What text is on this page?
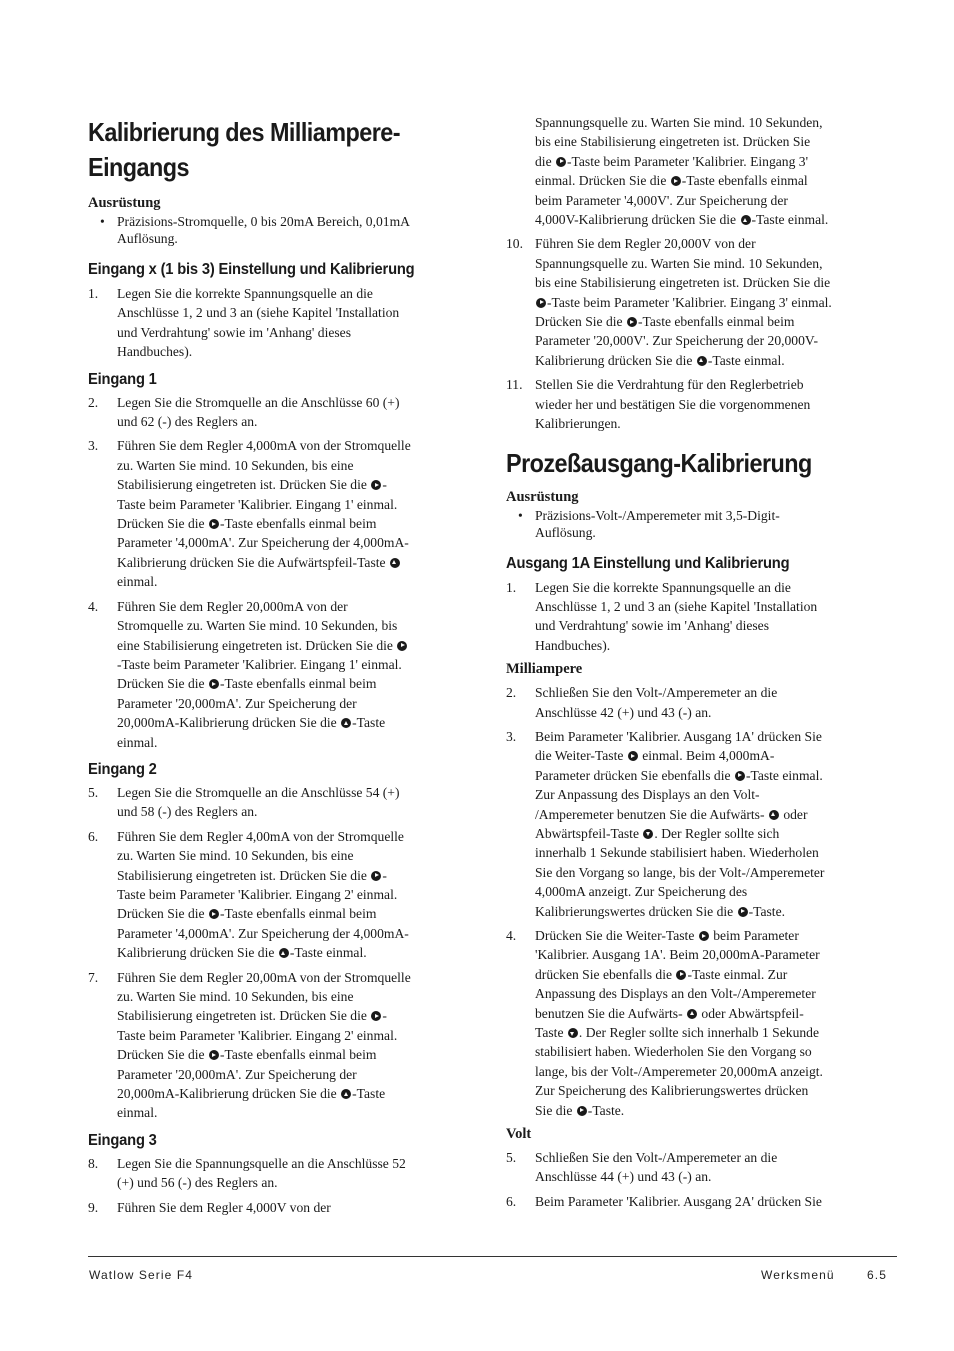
Kalibrierung des Milliampere-
Eingangs
Ausrüstung
• Präzisions-Stromquelle, 0 bis 20mA Bereich, 0,01mA
Auflösung.
Eingang x (1 bis 3) Einstellung und Kalibrierung
1. Legen Sie die korrekte Spannungsquelle an die
Anschlüsse 1, 2 und 3 an (siehe Kapitel 'Installation
und Verdrahtung' sowie im 'Anhang' dieses
Handbuches).
Eingang 1
2. Legen Sie die Stromquelle an die Anschlüsse 60 (+)
und 62 (-) des Reglers an.
3. Führen Sie dem Regler 4,000mA von der Stromquelle
zu. Warten Sie mind. 10 Sekunden, bis eine
Stabilisierung eingetreten ist. Drücken Sie die -
Taste beim Parameter 'Kalibrier. Eingang 1' einmal.
Drücken Sie die -Taste ebenfalls einmal beim
Parameter '4,000mA'. Zur Speicherung der 4,000mA-
Kalibrierung drücken Sie die Aufwärtspfeil-Taste
einmal.
4. Führen Sie dem Regler 20,000mA von der
Stromquelle zu. Warten Sie mind. 10 Sekunden, bis
eine Stabilisierung eingetreten ist. Drücken Sie die
-Taste beim Parameter 'Kalibrier. Eingang 1' einmal.
Drücken Sie die -Taste ebenfalls einmal beim
Parameter '20,000mA'. Zur Speicherung der
20,000mA-Kalibrierung drücken Sie die -Taste
einmal.
Eingang 2
5. Legen Sie die Stromquelle an die Anschlüsse 54 (+)
und 58 (-) des Reglers an.
6. Führen Sie dem Regler 4,00mA von der Stromquelle
zu. Warten Sie mind. 10 Sekunden, bis eine
Stabilisierung eingetreten ist. Drücken Sie die -
Taste beim Parameter 'Kalibrier. Eingang 2' einmal.
Drücken Sie die -Taste ebenfalls einmal beim
Parameter '4,000mA'. Zur Speicherung der 4,000mA-
Kalibrierung drücken Sie die -Taste einmal.
7. Führen Sie dem Regler 20,00mA von der Stromquelle
zu. Warten Sie mind. 10 Sekunden, bis eine
Stabilisierung eingetreten ist. Drücken Sie die -
Taste beim Parameter 'Kalibrier. Eingang 2' einmal.
Drücken Sie die -Taste ebenfalls einmal beim
Parameter '20,000mA'. Zur Speicherung der
20,000mA-Kalibrierung drücken Sie die -Taste
einmal.
Eingang 3
8. Legen Sie die Spannungsquelle an die Anschlüsse 52
(+) und 56 (-) des Reglers an.
9. Führen Sie dem Regler 4,000V von der
Spannungsquelle zu. Warten Sie mind. 10 Sekunden,
bis eine Stabilisierung eingetreten ist. Drücken Sie
die -Taste beim Parameter 'Kalibrier. Eingang 3'
einmal. Drücken Sie die -Taste ebenfalls einmal
beim Parameter '4,000V'. Zur Speicherung der
4,000V-Kalibrierung drücken Sie die -Taste einmal.
10. Führen Sie dem Regler 20,000V von der
Spannungsquelle zu. Warten Sie mind. 10 Sekunden,
bis eine Stabilisierung eingetreten ist. Drücken Sie die
-Taste beim Parameter 'Kalibrier. Eingang 3' einmal.
Drücken Sie die -Taste ebenfalls einmal beim
Parameter '20,000V'. Zur Speicherung der 20,000V-
Kalibrierung drücken Sie die -Taste einmal.
11. Stellen Sie die Verdrahtung für den Reglerbetrieb
wieder her und bestätigen Sie die vorgenommenen
Kalibrierungen.
Prozeßausgang-Kalibrierung
Ausrüstung
• Präzisions-Volt-/Amperemeter mit 3,5-Digit-
Auflösung.
Ausgang 1A Einstellung und Kalibrierung
1. Legen Sie die korrekte Spannungsquelle an die
Anschlüsse 1, 2 und 3 an (siehe Kapitel 'Installation
und Verdrahtung' sowie im 'Anhang' dieses
Handbuches).
Milliampere
2. Schließen Sie den Volt-/Amperemeter an die
Anschlüsse 42 (+) und 43 (-) an.
3. Beim Parameter 'Kalibrier. Ausgang 1A' drücken Sie
die Weiter-Taste einmal. Beim 4,000mA-
Parameter drücken Sie ebenfalls die -Taste einmal.
Zur Anpassung des Displays an den Volt-
/Amperemeter benutzen Sie die Aufwärts- oder
Abwärtspfeil-Taste . Der Regler sollte sich
innerhalb 1 Sekunde stabilisiert haben. Wiederholen
Sie den Vorgang so lange, bis der Volt-/Amperemeter
4,000mA anzeigt. Zur Speicherung des
Kalibrierungswertes drücken Sie die -Taste.
4. Drücken Sie die Weiter-Taste beim Parameter
'Kalibrier. Ausgang 1A'. Beim 20,000mA-Parameter
drücken Sie ebenfalls die -Taste einmal. Zur
Anpassung des Displays an den Volt-/Amperemeter
benutzen Sie die Aufwärts- oder Abwärtspfeil-
Taste . Der Regler sollte sich innerhalb 1 Sekunde
stabilisiert haben. Wiederholen Sie den Vorgang so
lange, bis der Volt-/Amperemeter 20,000mA anzeigt.
Zur Speicherung des Kalibrierungswertes drücken
Sie die -Taste.
Volt
5. Schließen Sie den Volt-/Amperemeter an die
Anschlüsse 44 (+) und 43 (-) an.
6. Beim Parameter 'Kalibrier. Ausgang 2A' drücken Sie
Watlow Serie F4	Werksmenü	6.5
